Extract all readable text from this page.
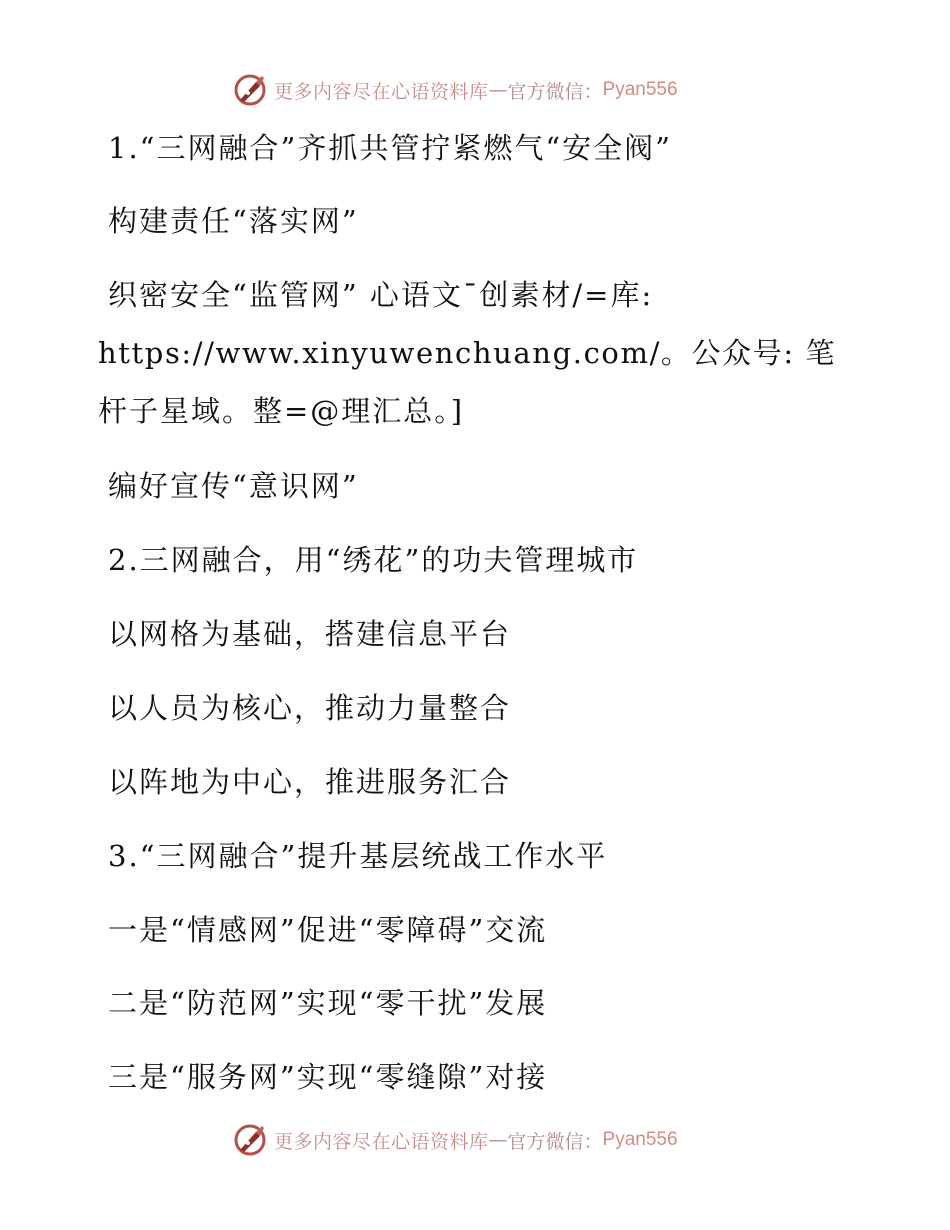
更多内容尽在心语资料库 — 官方微信： Pyan556
1.“三网融合”齐抓共管拧紧燃气“安全阀”
构建责任“落实网”
织密安全“监管网” 心语文¯创素材/=库:
https://www.xinyuwenchuang.com/。公众号: 笔
杆子星域。整=@理汇总。]
编好宣传“意识网”
2.三网融合，用“绣花”的功夫管理城市
以网格为基础，搭建信息平台
以人员为核心，推动力量整合
以阵地为中心，推进服务汇合
3.“三网融合”提升基层统战工作水平
一是“情感网”促进“零障碍”交流
二是“防范网”实现“零干扰”发展
三是“服务网”实现“零缝隙”对接
更多内容尽在心语资料库 — 官方微信： Pyan556
